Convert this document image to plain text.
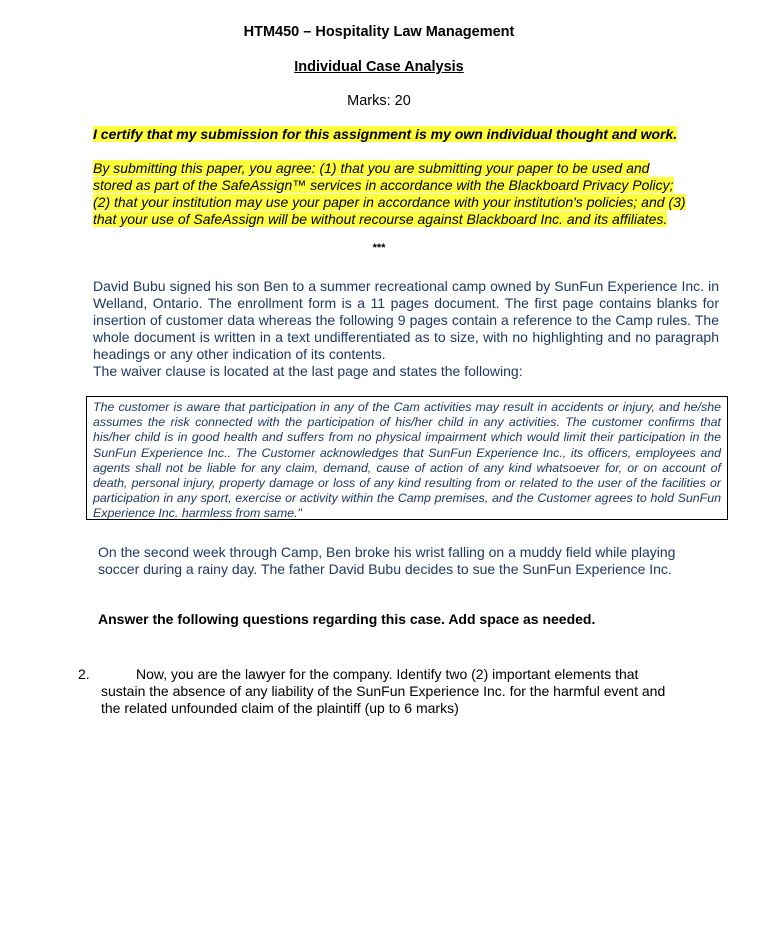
HTM450 – Hospitality Law Management
Individual Case Analysis
Marks: 20
I certify that my submission for this assignment is my own individual thought and work.
By submitting this paper, you agree: (1) that you are submitting your paper to be used and
stored as part of the SafeAssign™ services in accordance with the Blackboard Privacy Policy;
(2) that your institution may use your paper in accordance with your institution's policies; and (3)
that your use of SafeAssign will be without recourse against Blackboard Inc. and its affiliates.
***

David Bubu signed his son Ben to a summer recreational camp owned by SunFun Experience Inc. in Welland, Ontario. The enrollment form is a 11 pages document. The first page contains blanks for insertion of customer data whereas the following 9 pages contain a reference to the Camp rules. The whole document is written in a text undifferentiated as to size, with no highlighting and no paragraph headings or any other indication of its contents.

The waiver clause is located at the last page and states the following:

The customer is aware that participation in any of the Cam activities may result in accidents or injury, and he/she assumes the risk connected with the participation of his/her child in any activities. The customer confirms that his/her child is in good health and suffers from no physical impairment which would limit their participation in the SunFun Experience Inc.. The Customer acknowledges that SunFun Experience Inc., its officers, employees and agents shall not be liable for any claim, demand, cause of action of any kind whatsoever for, or on account of death, personal injury, property damage or loss of any kind resulting from or related to the user of the facilities or participation in any sport, exercise or activity within the Camp premises, and the Customer agrees to hold SunFun Experience Inc. harmless from same."

On the second week through Camp, Ben broke his wrist falling on a muddy field while playing soccer during a rainy day. The father David Bubu decides to sue the SunFun Experience Inc.
Answer the following questions regarding this case. Add space as needed.
2.	Now, you are the lawyer for the company. Identify two (2) important elements that

sustain the absence of any liability of the SunFun Experience Inc. for the harmful event and

the related unfounded claim of the plaintiff (up to 6 marks)
